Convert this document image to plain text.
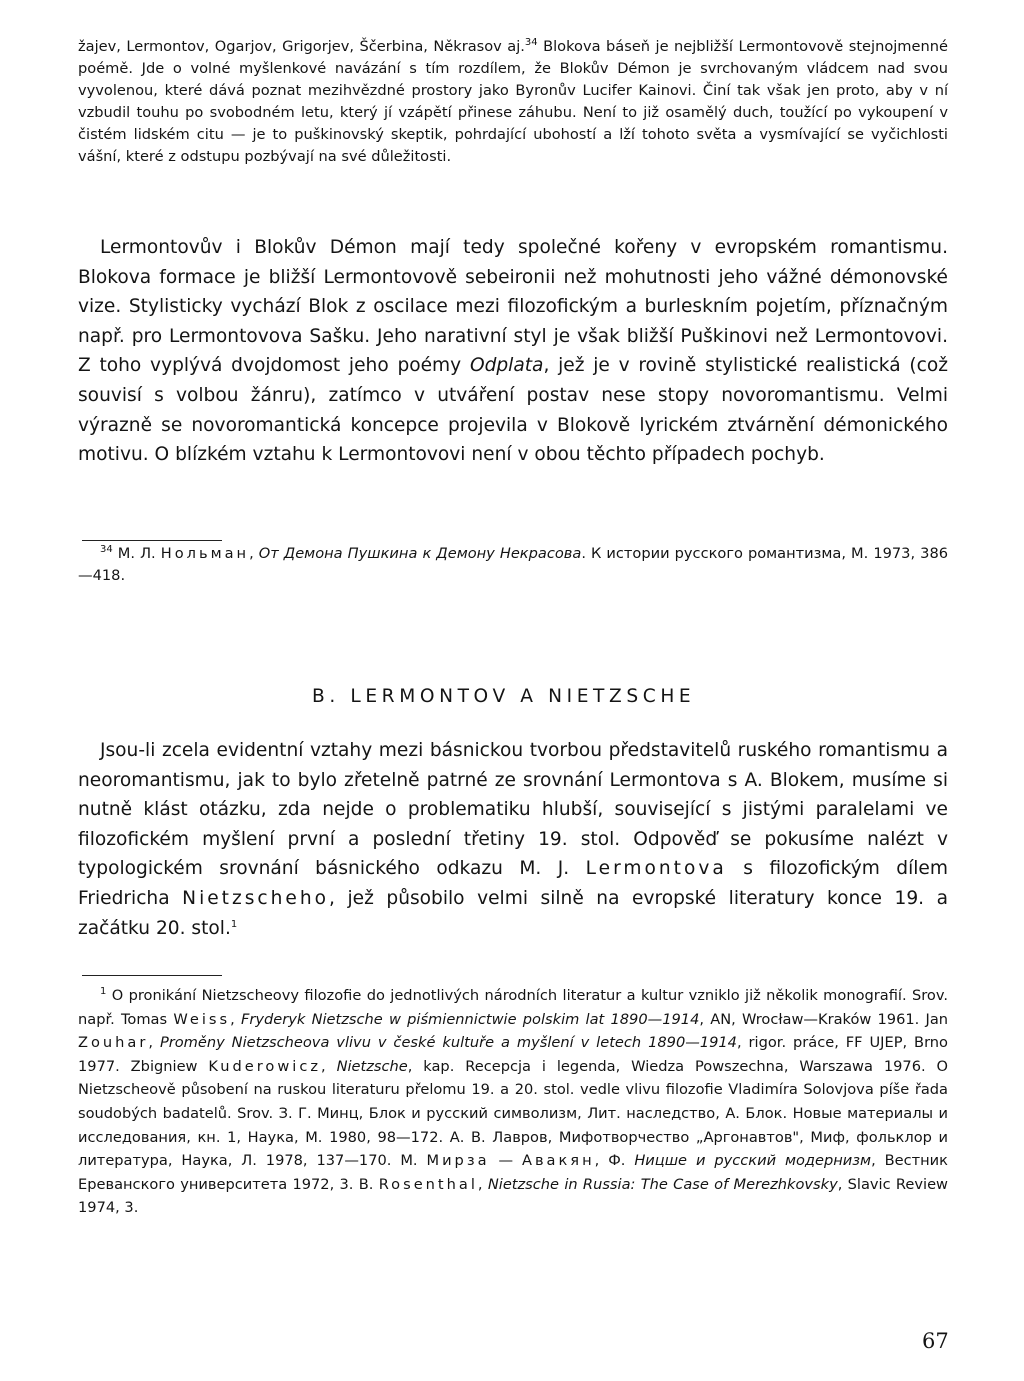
žajev, Lermontov, Ogarjov, Grigorjev, Ščerbina, Někrasov aj.$^{34}$ Blokova báseň je nejbližší Lermontovově stejnojmenné poémě. Jde o volné myšlenkové navázání s tím rozdílem, že Blokův Démon je svrchovaným vládcem nad svou vyvolenou, které dává poznat mezihvězdné prostory jako Byronův Lucifer Kainovi. Činí tak však jen proto, aby v ní vzbudil touhu po svobodném letu, který jí vzápětí přinese záhubu. Není to již osamělý duch, toužící po vykoupení v čistém lidském citu — je to puškinovský skeptik, pohrdající ubohostí a lží tohoto světa a vysmívající se vyčichlosti vášní, které z odstupu pozbývají na své důležitosti.
Lermontovův i Blokův Démon mají tedy společné kořeny v evropském romantismu. Blokova formace je bližší Lermontovově sebeironii než mohutnosti jeho vážné démonovské vize. Stylisticky vychází Blok z oscilace mezi filozofickým a burleskním pojetím, příznačným např. pro Lermontovova Sašku. Jeho narativní styl je však bližší Puškinovi než Lermontovovi. Z toho vyplývá dvojdomost jeho poémy Odplata, jež je v rovině stylistické realistická (což souvisí s volbou žánru), zatímco v utváření postav nese stopy novoromantismu. Velmi výrazně se novoromantická koncepce projevila v Blokově lyrickém ztvárnění démonického motivu. O blízkém vztahu k Lermontovovi není v obou těchto případech pochyb.
$^{34}$ М. Л. Нольман, От Демона Пушкина к Демону Некрасова. К истории русского романтизма, М. 1973, 386—418.
B. LERMONTOV A NIETZSCHE
Jsou-li zcela evidentní vztahy mezi básnickou tvorbou představitelů ruského romantismu a neoromantismu, jak to bylo zřetelně patrné ze srovnání Lermontova s A. Blokem, musíme si nutně klást otázku, zda nejde o problematiku hlubší, související s jistými paralelami ve filozofickém myšlení první a poslední třetiny 19. stol. Odpověď se pokusíme nalézt v typologickém srovnání básnického odkazu M. J. Lermontova s filozofickým dílem Friedricha Nietzscheho, jež působilo velmi silně na evropské literatury konce 19. a začátku 20. stol.$^1$
$^1$ O pronikání Nietzscheovy filozofie do jednotlivých národních literatur a kultur vzniklo již několik monografií. Srov. např. Tomas Weiss, Fryderyk Nietzsche w piśmiennictwie polskim lat 1890—1914, AN, Wrocław—Kraków 1961. Jan Zouhar, Proměny Nietzscheova vlivu v české kultuře a myšlení v letech 1890—1914, rigor. práce, FF UJEP, Brno 1977. Zbigniew Kuderowicz, Nietzsche, kap. Recepcja i legenda, Wiedza Powszechna, Warszawa 1976. O Nietzscheově působení na ruskou literaturu přelomu 19. a 20. stol. vedle vlivu filozofie Vladimíra Solovjova píše řada soudobých badatelů. Srov. З. Г. Минц, Блок и русский символизм, Лит. наследство, А. Блок. Новые материалы и исследования, кн. 1, Наука, М. 1980, 98—172. А. В. Лавров, Мифотворчество „Аргонавтов", Миф, фольклор и литература, Наука, Л. 1978, 137—170. М. Мирза — Авакян, Ф. Ницше и русский модернизм, Вестник Ереванского университета 1972, 3. B. Rosenthal, Nietzsche in Russia: The Case of Merezhkovsky, Slavic Review 1974, 3.
67
